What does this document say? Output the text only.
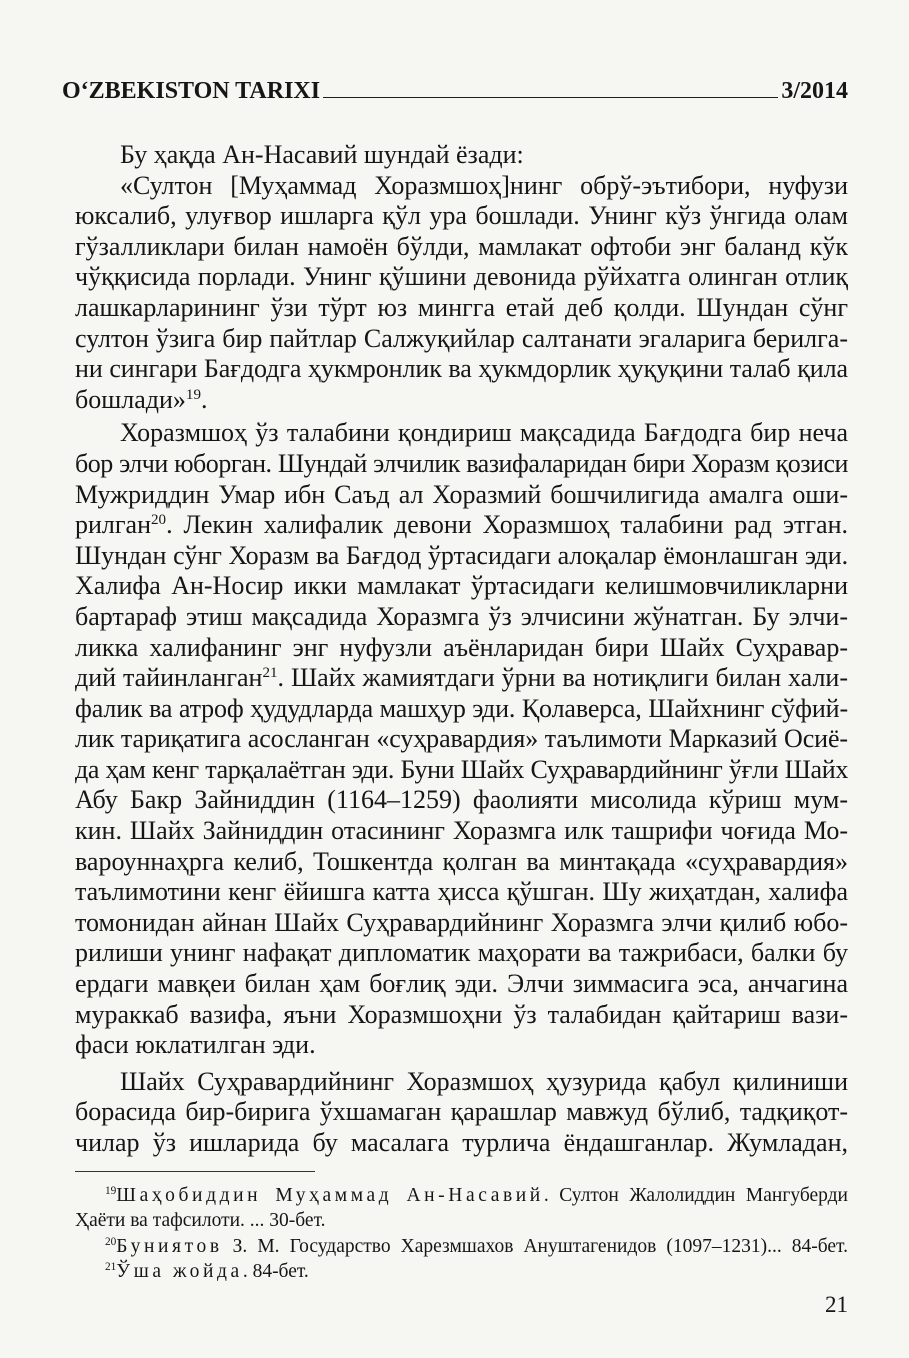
O‘ZBEKISTON TARIXI	3/2014
Бу ҳақда Ан-Насавий шундай ёзади:
«Султон [Муҳаммад Хоразмшоҳ]нинг обрў-эътибори, нуфузи
юксалиб, улуғвор ишларга қўл ура бошлади. Унинг кўз ўнгида олам
гўзалликлари билан намоён бўлди, мамлакат офтоби энг баланд кўк
чўққисида порлади. Унинг қўшини девонида рўйхатга олинган отлиқ
лашкарларининг ўзи тўрт юз мингга етай деб қолди. Шундан сўнг
султон ўзига бир пайтлар Салжуқийлар салтанати эгаларига берилга-
ни сингари Бағдодга ҳукмронлик ва ҳукмдорлик ҳуқуқини талаб қила
бошлади»$^{19}$.
Хоразмшоҳ ўз талабини қондириш мақсадида Бағдодга бир неча
бор элчи юборган. Шундай элчилик вазифаларидан бири Хоразм қозиси
Мужриддин Умар ибн Саъд ал Хоразмий бошчилигида амалга оши-
рилган$^{20}$. Лекин халифалик девони Хоразмшоҳ талабини рад этган.
Шундан сўнг Хоразм ва Бағдод ўртасидаги алоқалар ёмонлашган эди.
Халифа Ан-Носир икки мамлакат ўртасидаги келишмовчиликларни
бартараф этиш мақсадида Хоразмга ўз элчисини жўнатган. Бу элчи-
ликка халифанинг энг нуфузли аъёнларидан бири Шайх Суҳравар-
дий тайинланган$^{21}$. Шайх жамиятдаги ўрни ва нотиқлиги билан хали-
фалик ва атроф ҳудудларда машҳур эди. Қолаверса, Шайхнинг сўфий-
лик тариқатига асосланган «суҳравардия» таълимоти Марказий Осиё-
да ҳам кенг тарқалаётган эди. Буни Шайх Суҳравардийнинг ўғли Шайх
Абу Бакр Зайниддин (1164–1259) фаолияти мисолида кўриш мум-
кин. Шайх Зайниддин отасининг Хоразмга илк ташрифи чоғида Мо-
вароуннаҳрга келиб, Тошкентда қолган ва минтақада «суҳравардия»
таълимотини кенг ёйишга катта ҳисса қўшган. Шу жиҳатдан, халифа
томонидан айнан Шайх Суҳравардийнинг Хоразмга элчи қилиб юбо-
рилиши унинг нафақат дипломатик маҳорати ва тажрибаси, балки бу
ердаги мавқеи билан ҳам боғлиқ эди. Элчи зиммасига эса, анчагина
мураккаб вазифа, яъни Хоразмшоҳни ўз талабидан қайтариш вази-
фаси юклатилган эди.
Шайх Суҳравардийнинг Хоразмшоҳ ҳузурида қабул қилиниши
борасида бир-бирига ўхшамаган қарашлар мавжуд бўлиб, тадқиқот-
чилар ўз ишларида бу масалага турлича ёндашганлар. Жумладан,
$^{19}$Шаҳобиддин Муҳаммад Ан-Насавий. Султон Жалолиддин Мангуберди
Ҳаёти ва тафсилоти. ... 30-бет.
$^{20}$Буниятов З. М. Государство Харезмшахов Ануштагенидов (1097–1231)... 84-бет.
$^{21}$Ўша жойда. 84-бет.
21
